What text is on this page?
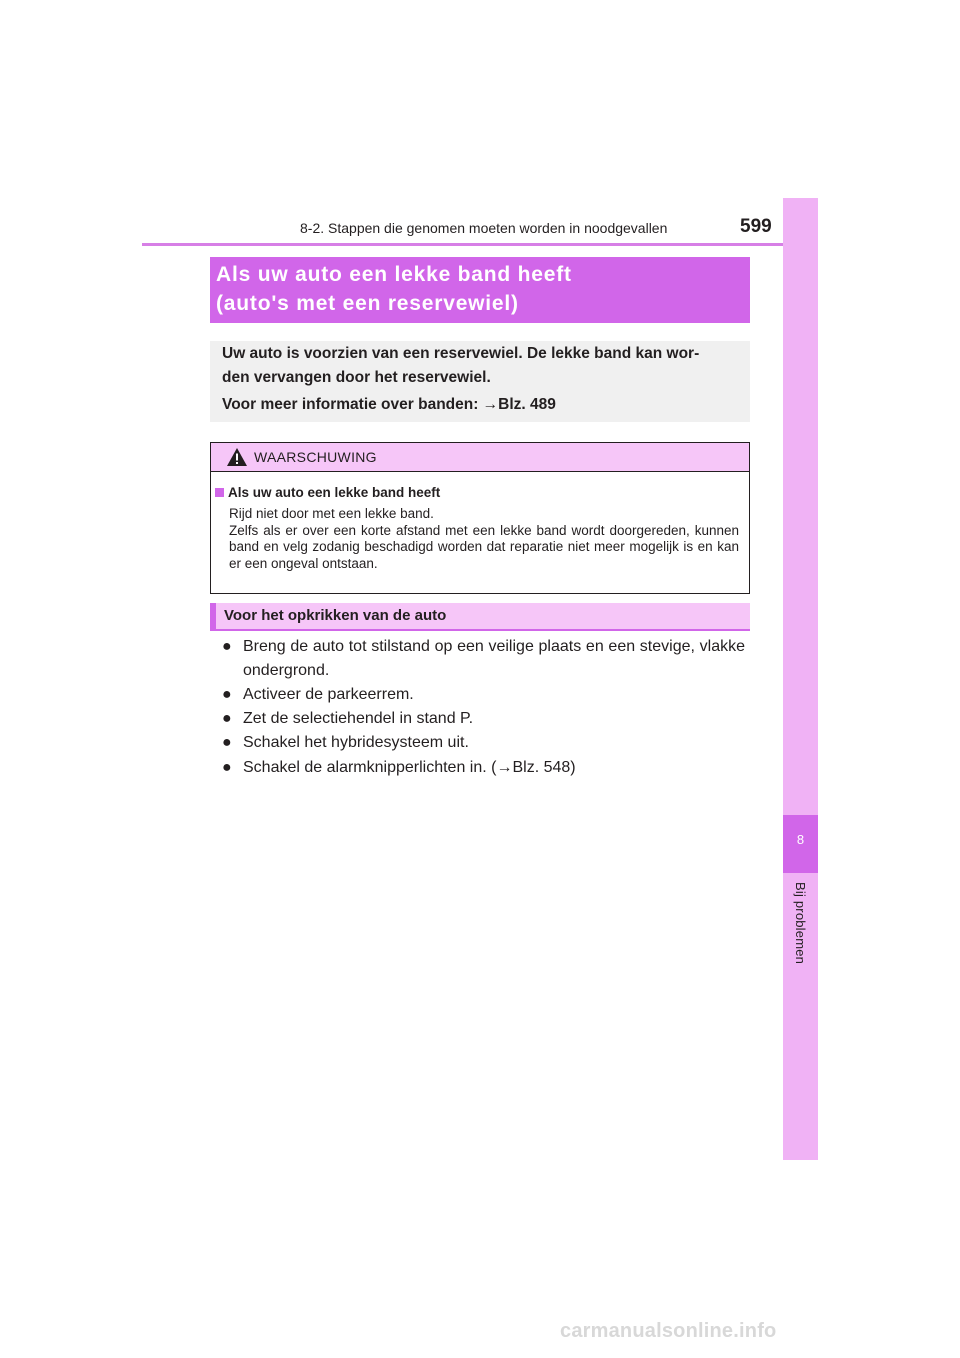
8-2. Stappen die genomen moeten worden in noodgevallen	599
8
Bij problemen
Als uw auto een lekke band heeft
(auto's met een reservewiel)
Uw auto is voorzien van een reservewiel. De lekke band kan wor-
den vervangen door het reservewiel.
Voor meer informatie over banden: →Blz. 489
WAARSCHUWING
Als uw auto een lekke band heeft
Rijd niet door met een lekke band.
Zelfs als er over een korte afstand met een lekke band wordt doorgereden, kunnen band en velg zodanig beschadigd worden dat reparatie niet meer mogelijk is en kan er een ongeval ontstaan.
Voor het opkrikken van de auto
● Breng de auto tot stilstand op een veilige plaats en een stevige, vlakke ondergrond.
● Activeer de parkeerrem.
● Zet de selectiehendel in stand P.
● Schakel het hybridesysteem uit.
● Schakel de alarmknipperlichten in. (→Blz. 548)
carmanualsonline.info
